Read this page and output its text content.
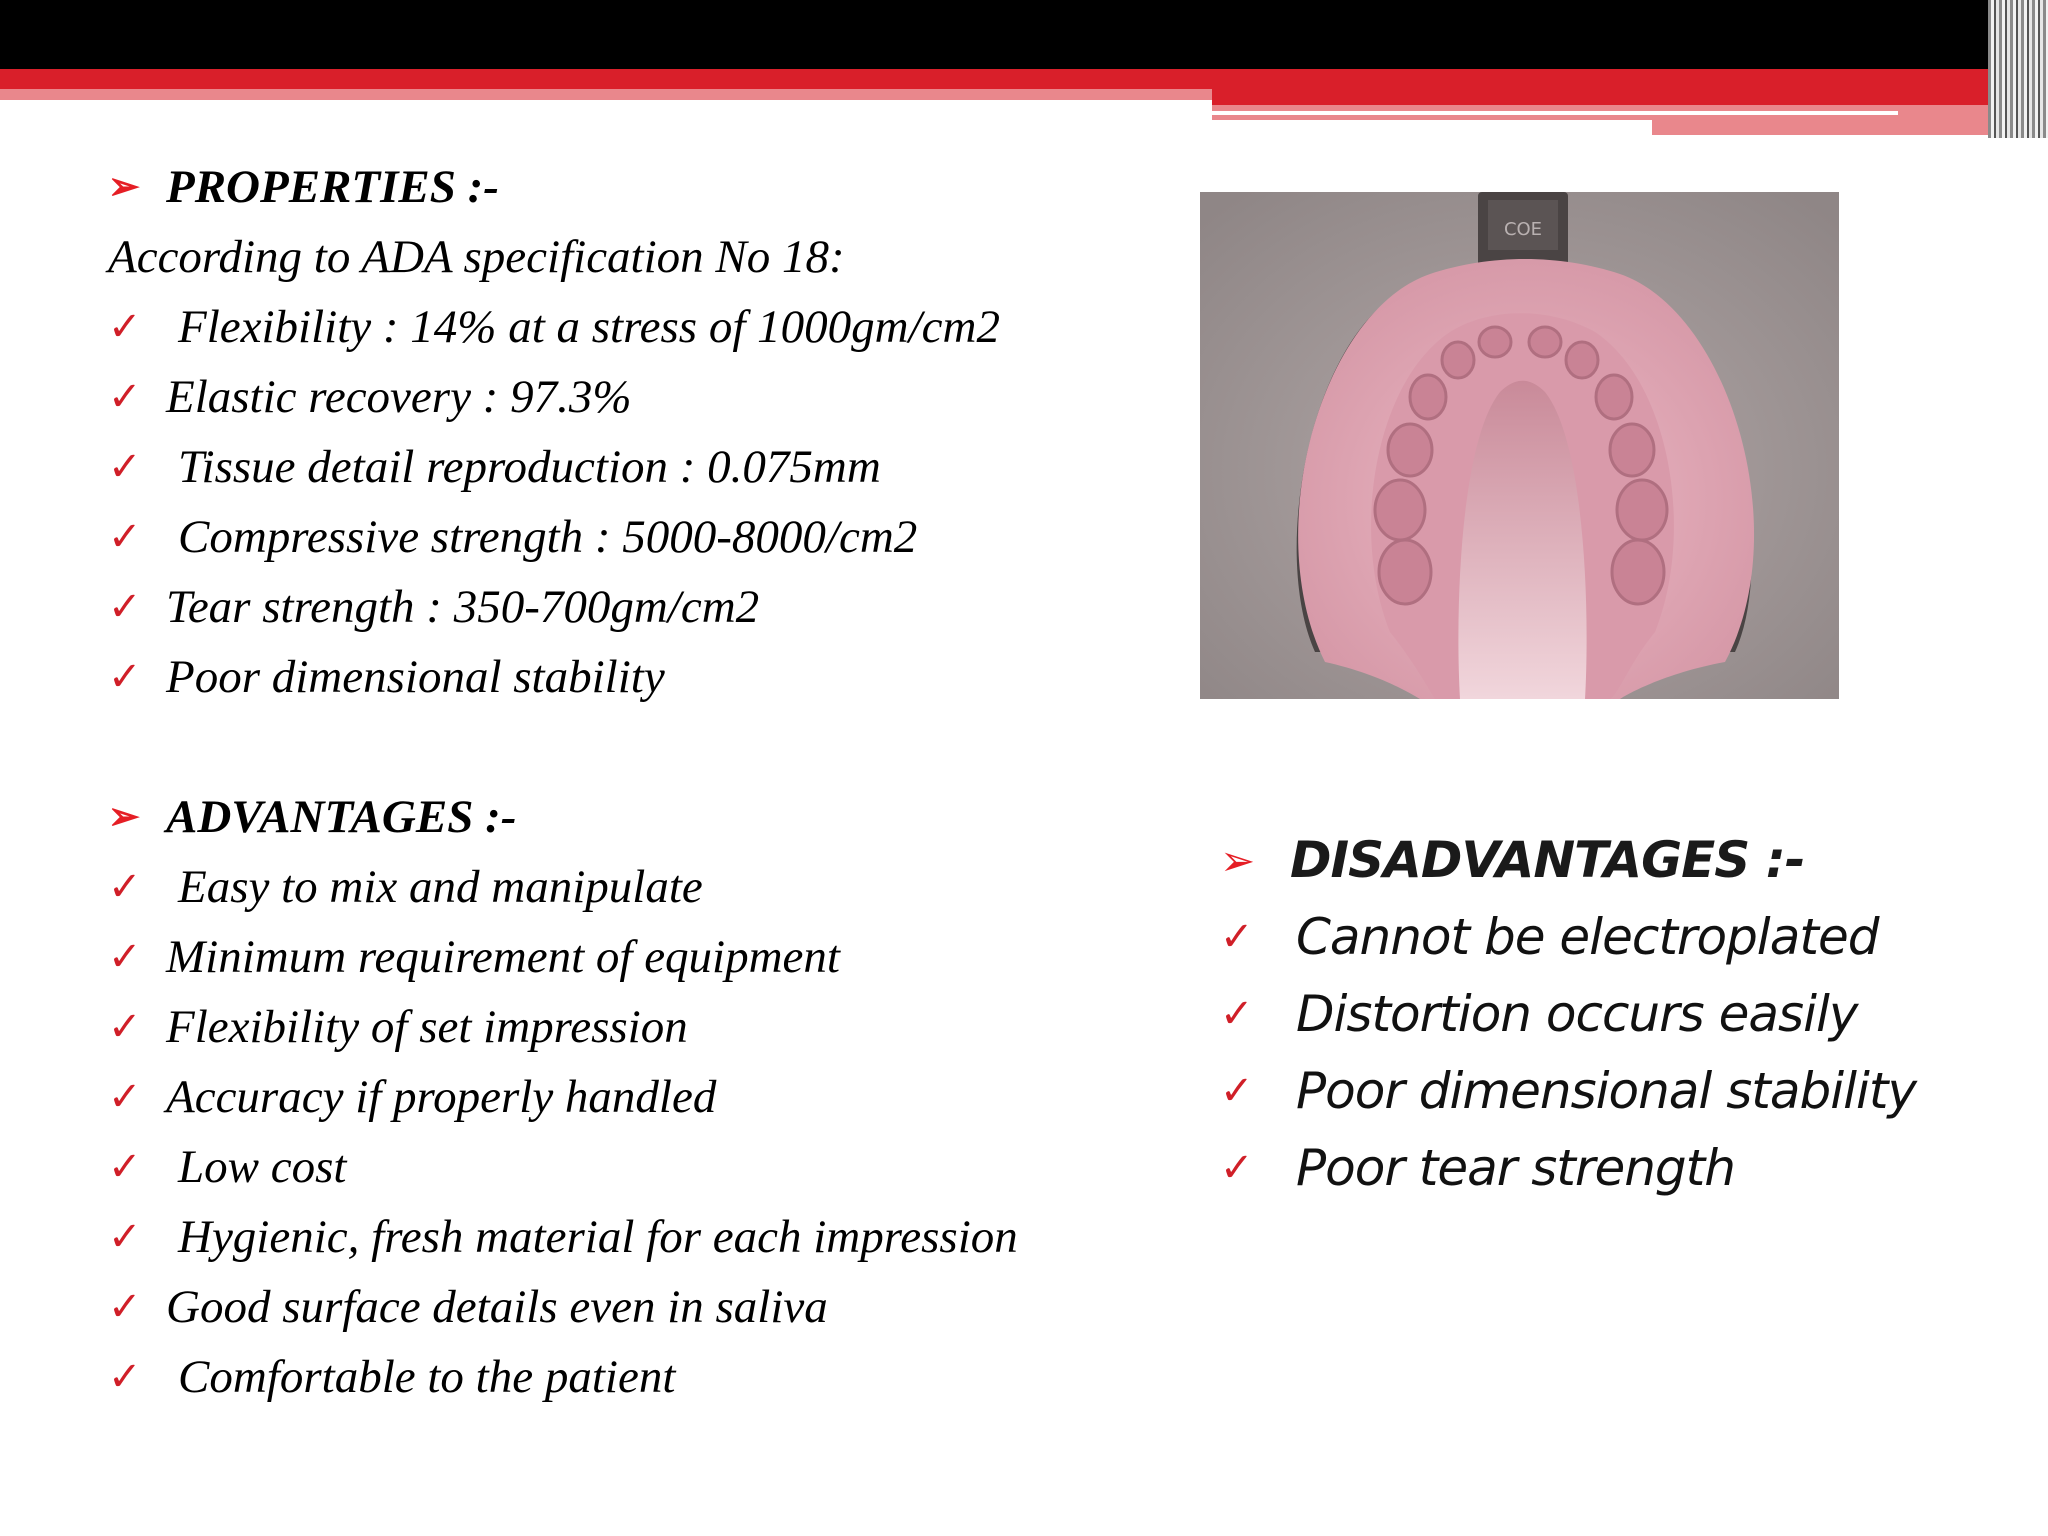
➢ PROPERTIES :-
According to ADA specification No 18:
✓ Flexibility : 14% at a stress of 1000gm/cm2
✓ Elastic recovery : 97.3%
✓ Tissue detail reproduction : 0.075mm
✓ Compressive strength : 5000-8000/cm2
✓ Tear strength : 350-700gm/cm2
✓ Poor dimensional stability
➢ ADVANTAGES :-
✓ Easy to mix and manipulate
✓ Minimum requirement of equipment
✓ Flexibility of set impression
✓ Accuracy if properly handled
✓ Low cost
✓ Hygienic, fresh material for each impression
✓ Good surface details even in saliva
✓ Comfortable to the patient
COE
➢ DISADVANTAGES :-
✓ Cannot be electroplated
✓ Distortion occurs easily
✓ Poor dimensional stability
✓ Poor tear strength
